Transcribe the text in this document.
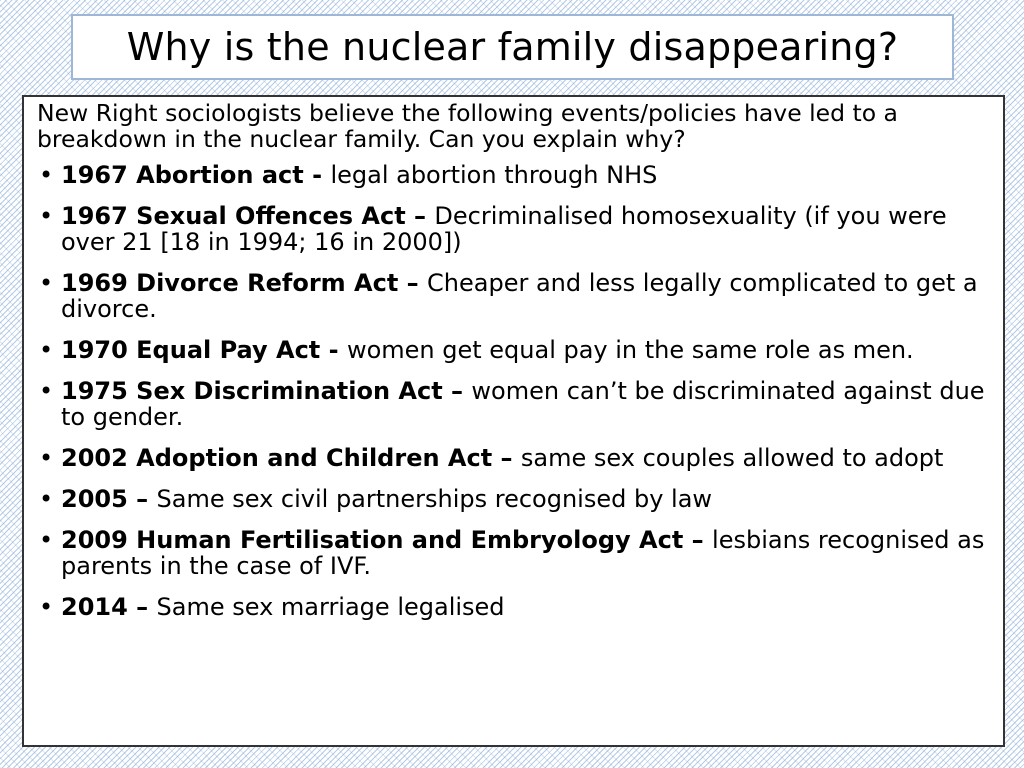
Why is the nuclear family disappearing?
New Right sociologists believe the following events/policies have led to a breakdown in the nuclear family. Can you explain why?
• 1967 Abortion act - legal abortion through NHS
• 1967 Sexual Offences Act – Decriminalised homosexuality (if you were over 21 [18 in 1994; 16 in 2000])
• 1969 Divorce Reform Act – Cheaper and less legally complicated to get a divorce.
• 1970 Equal Pay Act - women get equal pay in the same role as men.
• 1975 Sex Discrimination Act – women can’t be discriminated against due to gender.
• 2002 Adoption and Children Act – same sex couples allowed to adopt
• 2005 – Same sex civil partnerships recognised by law
• 2009 Human Fertilisation and Embryology Act – lesbians recognised as parents in the case of IVF.
• 2014 – Same sex marriage legalised
